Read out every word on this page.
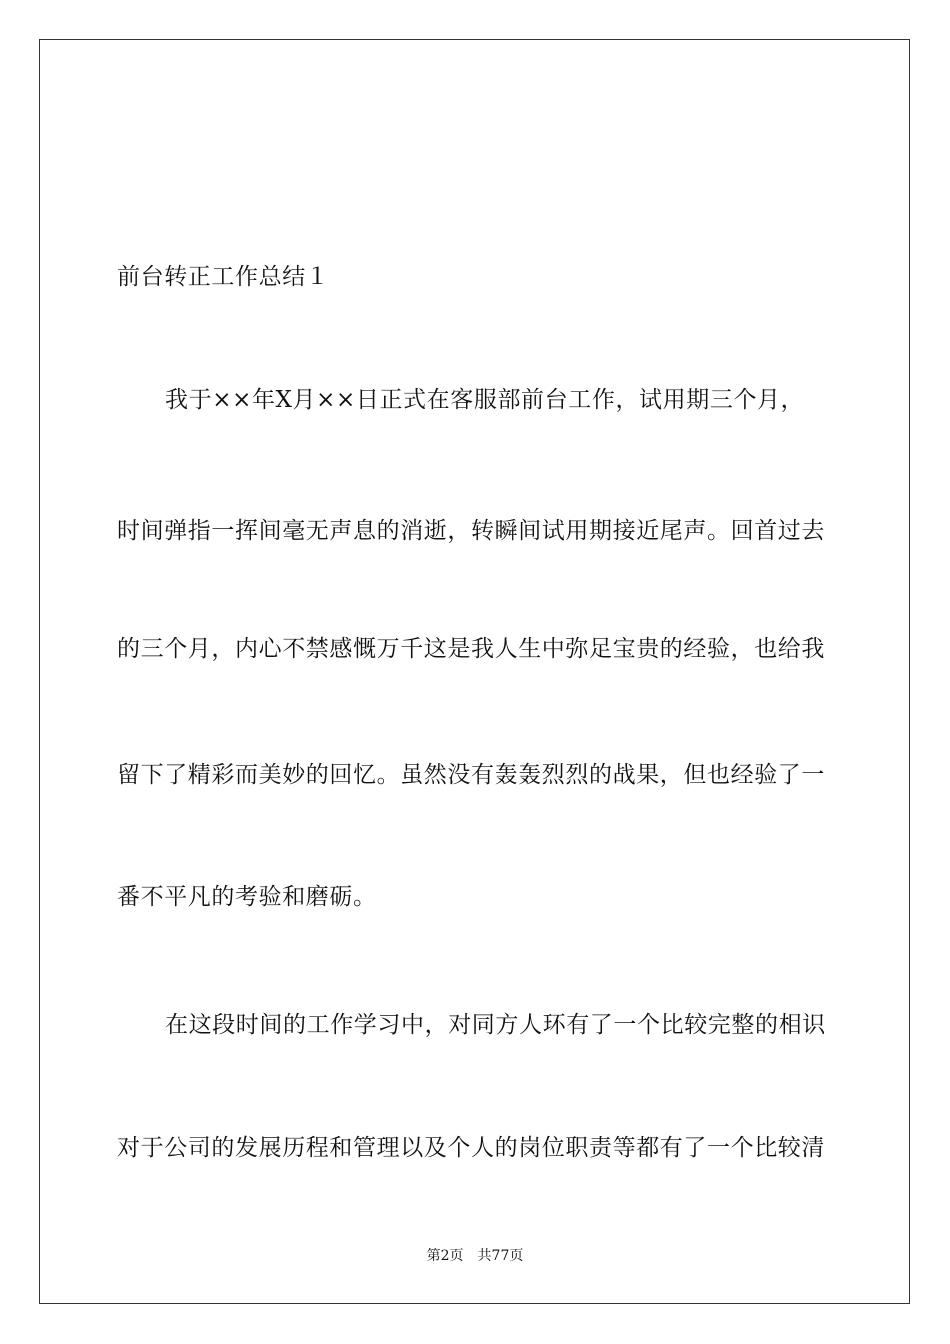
前台转正工作总结１
我于××年X月××日正式在客服部前台工作，试用期三个月，
时间弹指一挥间毫无声息的消逝，转瞬间试用期接近尾声。回首过去
的三个月，内心不禁感慨万千这是我人生中弥足宝贵的经验，也给我
留下了精彩而美妙的回忆。虽然没有轰轰烈烈的战果，但也经验了一
番不平凡的考验和磨砺。
在这段时间的工作学习中，对同方人环有了一个比较完整的相识
对于公司的发展历程和管理以及个人的岗位职责等都有了一个比较清
第2页 共77页
